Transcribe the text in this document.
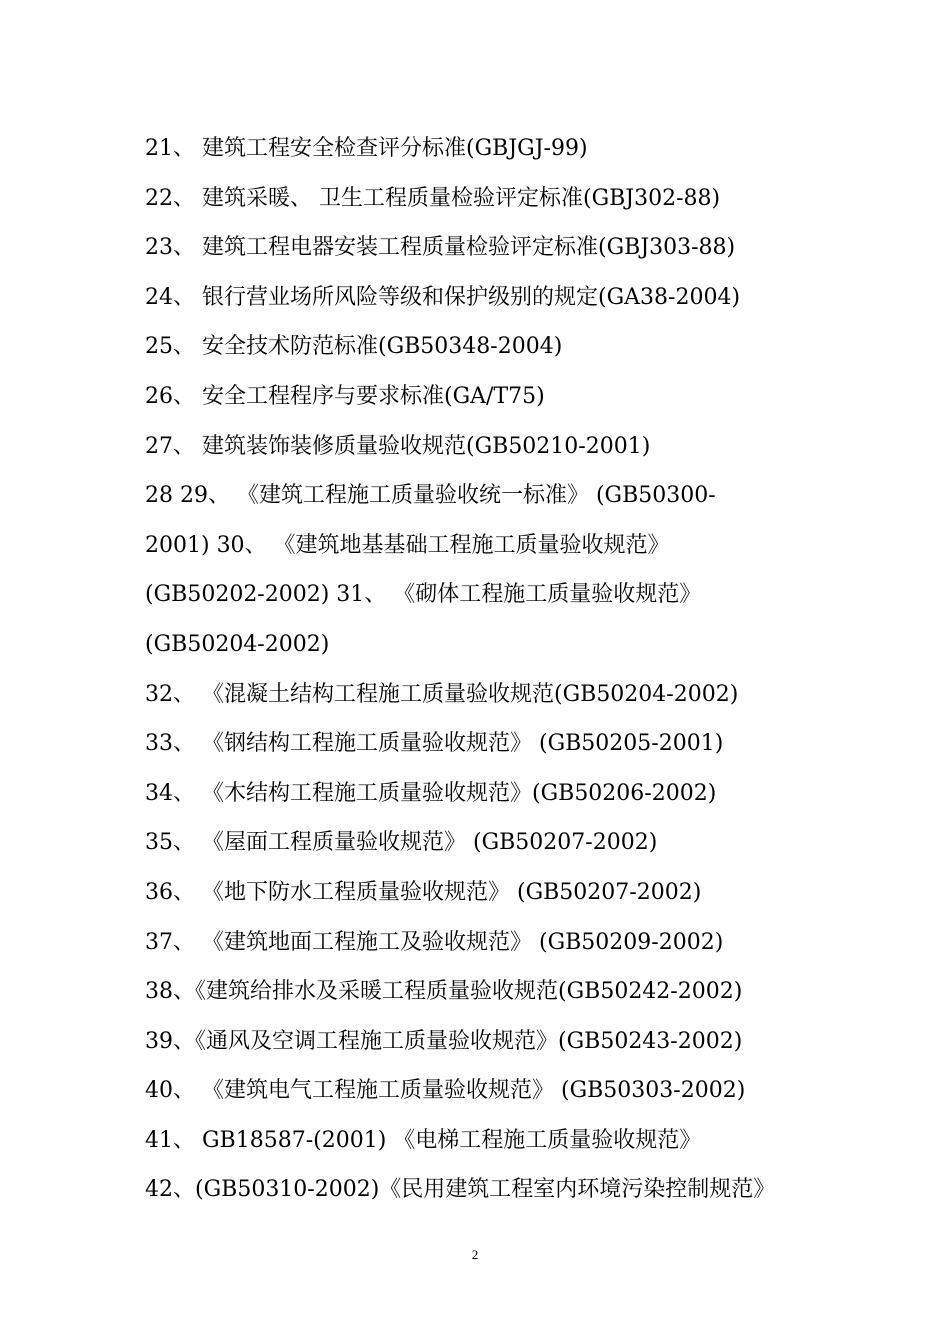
21、 建筑工程安全检查评分标准(GBJGJ-99)
22、 建筑采暖、 卫生工程质量检验评定标准(GBJ302-88)
23、 建筑工程电器安装工程质量检验评定标准(GBJ303-88)
24、 银行营业场所风险等级和保护级别的规定(GA38-2004)
25、 安全技术防范标准(GB50348-2004)
26、 安全工程程序与要求标准(GA/T75)
27、 建筑装饰装修质量验收规范(GB50210-2001)
28 29、 《建筑工程施工质量验收统一标准》 (GB50300-
2001) 30、 《建筑地基基础工程施工质量验收规范》
(GB50202-2002) 31、 《砌体工程施工质量验收规范》
(GB50204-2002)
32、 《混凝土结构工程施工质量验收规范(GB50204-2002)
33、 《钢结构工程施工质量验收规范》 (GB50205-2001)
34、 《木结构工程施工质量验收规范》(GB50206-2002)
35、 《屋面工程质量验收规范》 (GB50207-2002)
36、 《地下防水工程质量验收规范》 (GB50207-2002)
37、 《建筑地面工程施工及验收规范》 (GB50209-2002)
38、《建筑给排水及采暖工程质量验收规范(GB50242-2002)
39、《通风及空调工程施工质量验收规范》(GB50243-2002)
40、 《建筑电气工程施工质量验收规范》 (GB50303-2002)
41、 GB18587-(2001) 《电梯工程施工质量验收规范》
42、(GB50310-2002)《民用建筑工程室内环境污染控制规范》
2
